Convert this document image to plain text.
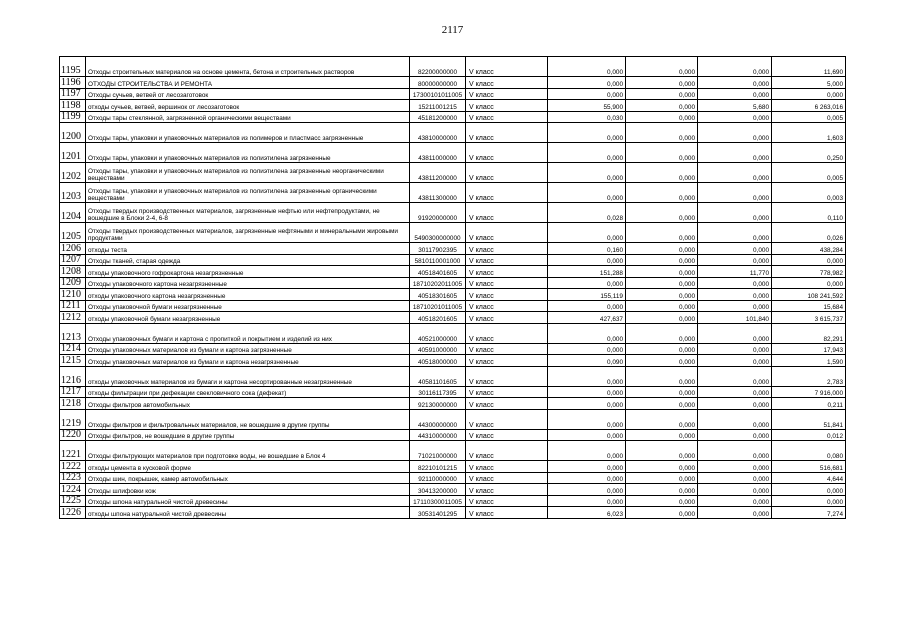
2117
1195	Отходы строительных материалов на основе цемента, бетона и строительных растворов	82200000000	V класс	0,000	0,000	0,000	11,690
1196	ОТХОДЫ СТРОИТЕЛЬСТВА И РЕМОНТА	80000000000	V класс	0,000	0,000	0,000	5,000
1197	Отходы сучьев, ветвей от лесозаготовок	17300101011005	V класс	0,000	0,000	0,000	0,000
1198	отходы сучьев, ветвей, вершинок от лесозаготовок	15211001215	V класс	55,900	0,000	5,680	6 263,016
1199	Отходы тары стеклянной, загрязненной органическими веществами	45181200000	V класс	0,030	0,000	0,000	0,005
1200	Отходы тары, упаковки и упаковочных материалов из полимеров и пластмасс загрязненные	43810000000	V класс	0,000	0,000	0,000	1,603
1201	Отходы тары, упаковки и упаковочных материалов из полиэтилена загрязненные	43811000000	V класс	0,000	0,000	0,000	0,250
1202	Отходы тары, упаковки и упаковочных материалов из полиэтилена загрязненные неорганическими веществами	43811200000	V класс	0,000	0,000	0,000	0,005
1203	Отходы тары, упаковки и упаковочных материалов из полиэтилена загрязненные органическими веществами	43811300000	V класс	0,000	0,000	0,000	0,003
1204	Отходы твердых производственных материалов, загрязненные нефтью или нефтепродуктами, не вошедшие в Блоки 2-4, 6-8	91920000000	V класс	0,028	0,000	0,000	0,110
1205	Отходы твердых производственных материалов, загрязненные нефтяными и минеральными жировыми продуктами	5490300000000	V класс	0,000	0,000	0,000	0,026
1206	отходы теста	30117902395	V класс	0,160	0,000	0,000	438,284
1207	Отходы тканей, старая одежда	5810110001000	V класс	0,000	0,000	0,000	0,000
1208	отходы упаковочного гофрокартона незагрязненные	40518401605	V класс	151,288	0,000	11,770	778,982
1209	Отходы упаковочного картона незагрязненные	18710202011005	V класс	0,000	0,000	0,000	0,000
1210	отходы упаковочного картона незагрязненные	40518301605	V класс	155,119	0,000	0,000	108 241,592
1211	Отходы упаковочной бумаги незагрязненные	18710201011005	V класс	0,000	0,000	0,000	15,684
1212	отходы упаковочной бумаги незагрязненные	40518201605	V класс	427,637	0,000	101,840	3 615,737
1213	Отходы упаковочных бумаги и картона с пропиткой и покрытием и изделий из них	40521000000	V класс	0,000	0,000	0,000	82,291
1214	Отходы упаковочных материалов из бумаги и картона загрязненные	40591000000	V класс	0,000	0,000	0,000	17,943
1215	Отходы упаковочных материалов из бумаги и картона незагрязненные	40518000000	V класс	0,090	0,000	0,000	1,590
1216	отходы упаковочных материалов из бумаги и картона несортированные незагрязненные	40581101605	V класс	0,000	0,000	0,000	2,783
1217	отходы фильтрации при дефекации свекловичного сока (дефекат)	30116117395	V класс	0,000	0,000	0,000	7 916,000
1218	Отходы фильтров автомобильных	92130000000	V класс	0,000	0,000	0,000	0,211
1219	Отходы фильтров и фильтровальных материалов, не вошедшие в другие группы	44300000000	V класс	0,000	0,000	0,000	51,841
1220	Отходы фильтров, не вошедшие в другие группы	44310000000	V класс	0,000	0,000	0,000	0,012
1221	Отходы фильтрующих материалов при подготовке воды, не вошедшие в Блок 4	71021000000	V класс	0,000	0,000	0,000	0,080
1222	отходы цемента в кусковой форме	82210101215	V класс	0,000	0,000	0,000	516,681
1223	Отходы шин, покрышек, камер автомобильных	92110000000	V класс	0,000	0,000	0,000	4,644
1224	Отходы шлифовки кож	30413200000	V класс	0,000	0,000	0,000	0,000
1225	Отходы шпона натуральной чистой древесины	17110300011005	V класс	0,000	0,000	0,000	0,000
1226	отходы шпона натуральной чистой древесины	30531401295	V класс	6,023	0,000	0,000	7,274
